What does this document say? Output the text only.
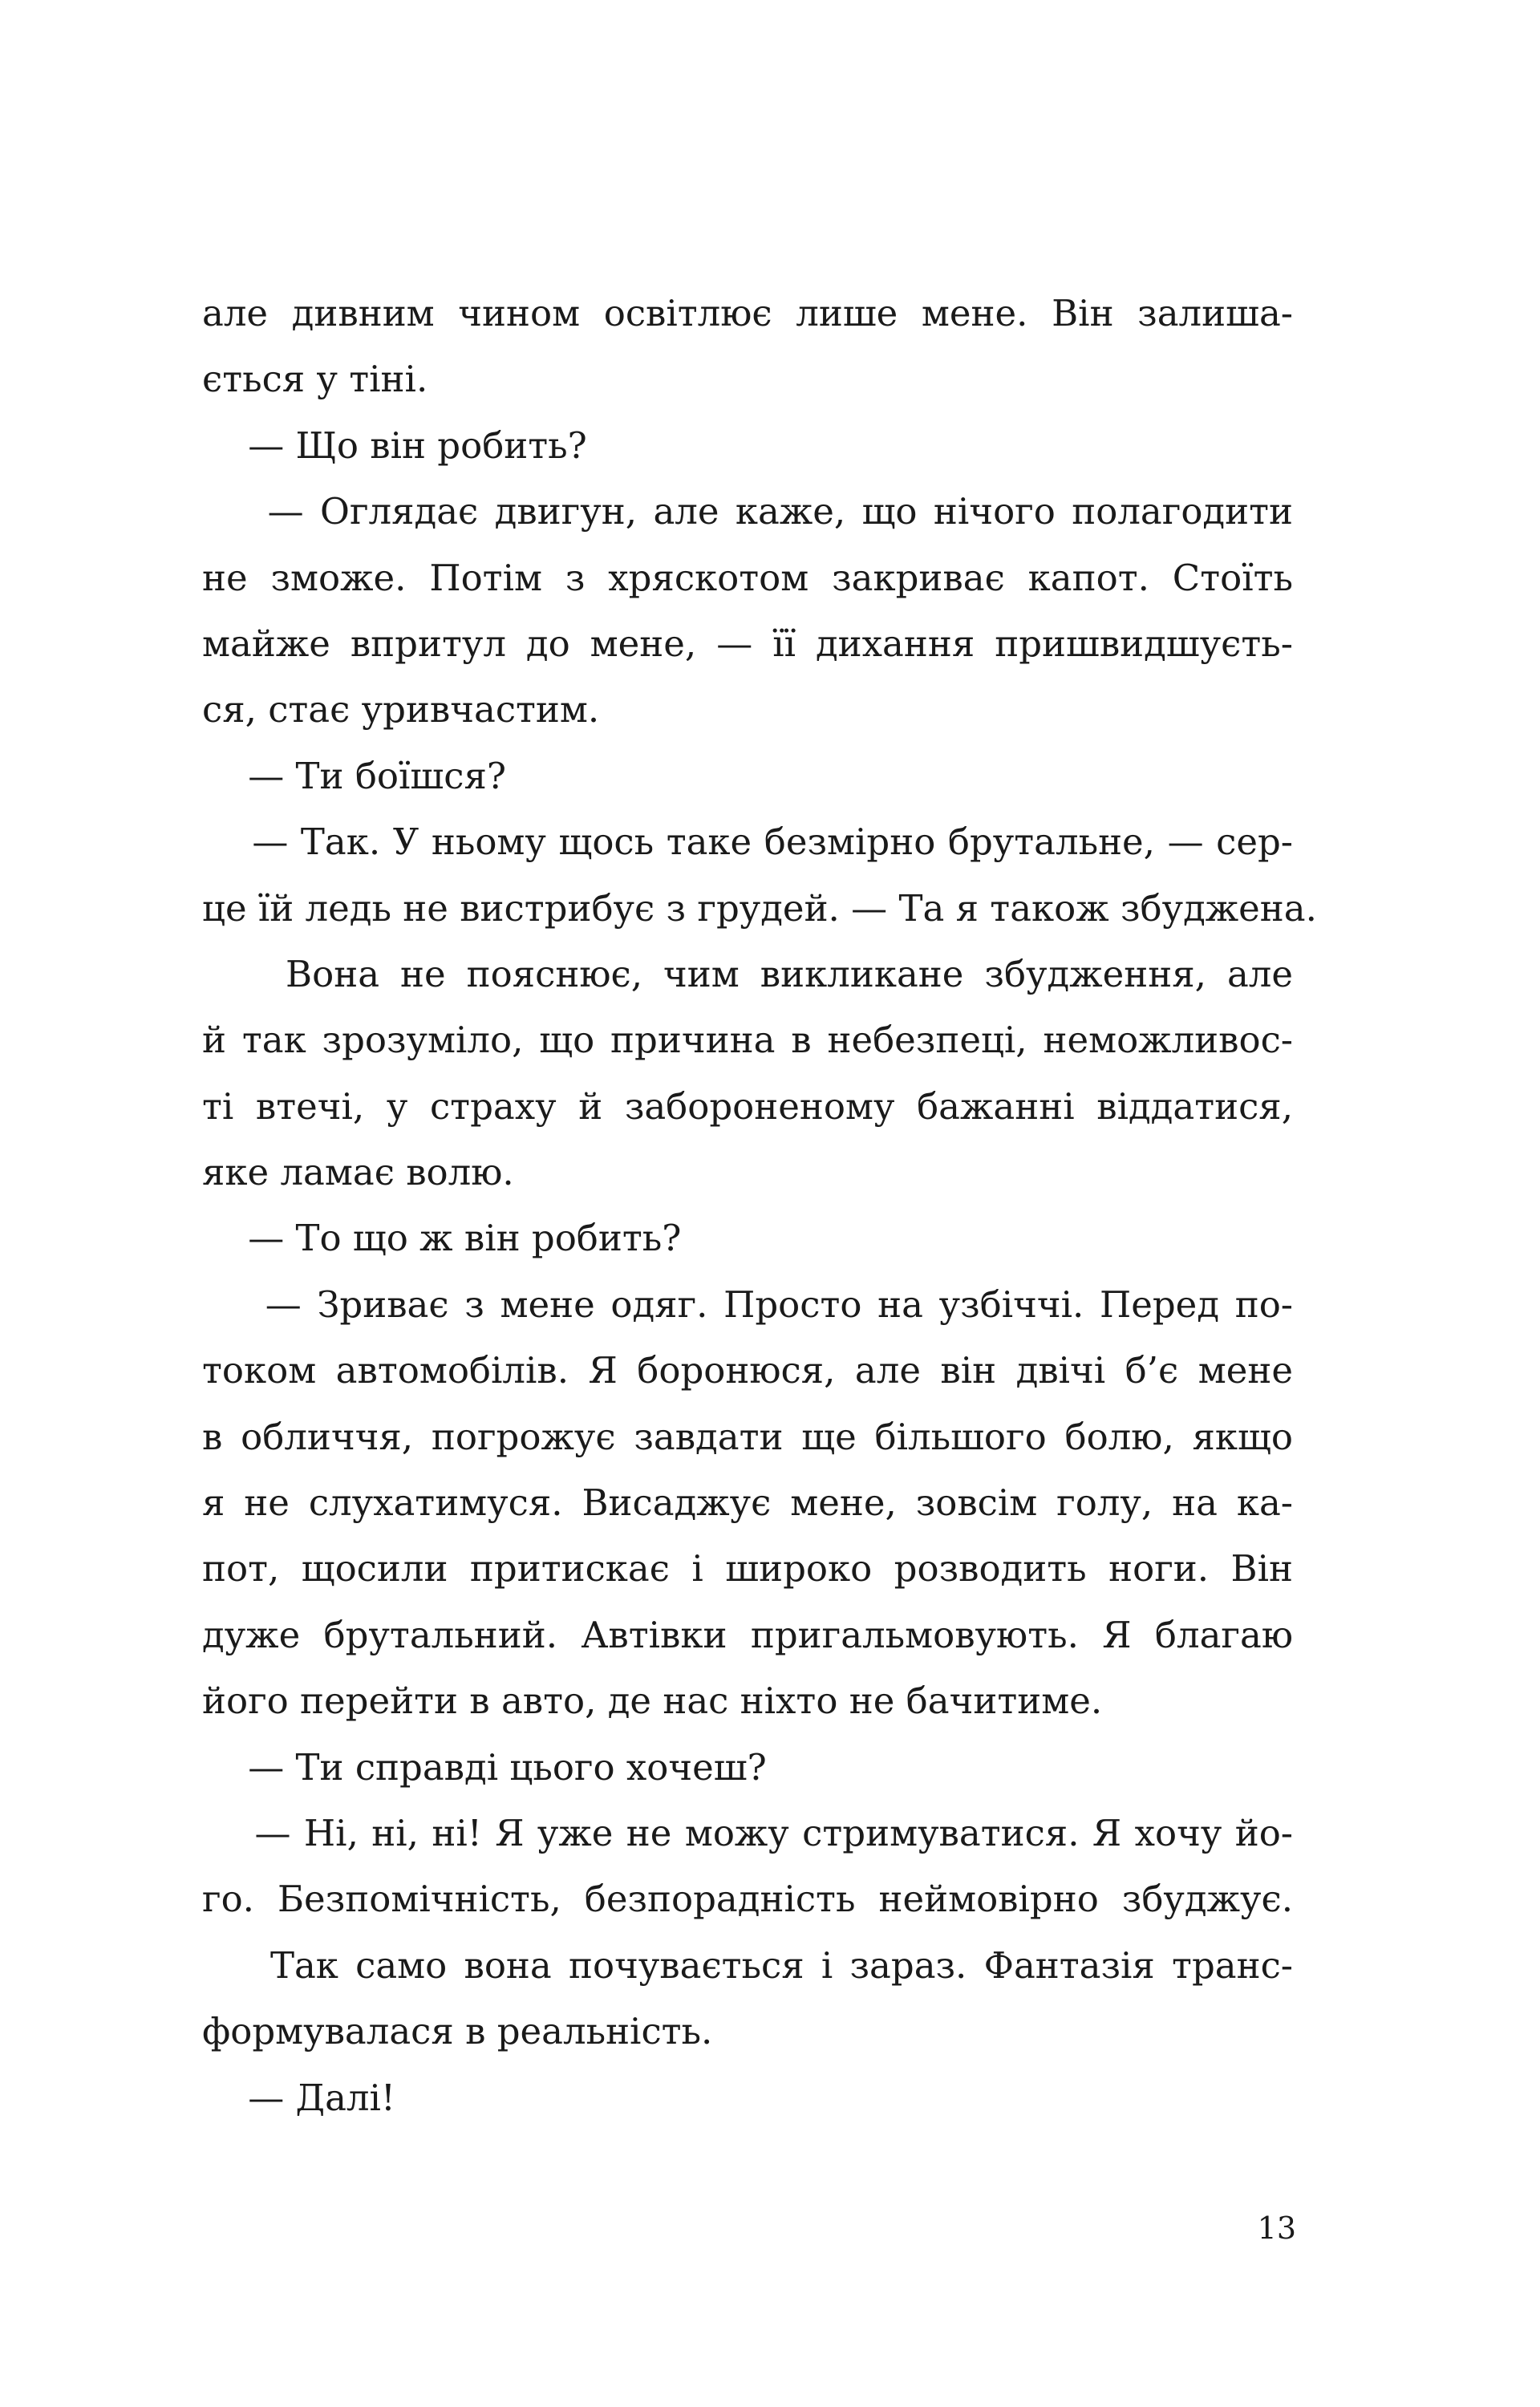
але дивним чином освітлює лише мене. Він залиша-
ється у тіні.
— Що він робить?
— Оглядає двигун, але каже, що нічого полагодити
не зможе. Потім з хряскотом закриває капот. Стоїть
майже впритул до мене, — її дихання пришвидшуєть-
ся, стає уривчастим.
— Ти боїшся?
— Так. У ньому щось таке безмірно брутальне, — сер-
це їй ледь не вистрибує з грудей. — Та я також збуджена.
Вона не пояснює, чим викликане збудження, але
й так зрозуміло, що причина в небезпеці, неможливос-
ті втечі, у страху й забороненому бажанні віддатися,
яке ламає волю.
— То що ж він робить?
— Зриває з мене одяг. Просто на узбіччі. Перед по-
током автомобілів. Я боронюся, але він двічі б’є мене
в обличчя, погрожує завдати ще більшого болю, якщо
я не слухатимуся. Висаджує мене, зовсім голу, на ка-
пот, щосили притискає і широко розводить ноги. Він
дуже брутальний. Автівки пригальмовують. Я благаю
його перейти в авто, де нас ніхто не бачитиме.
— Ти справді цього хочеш?
— Ні, ні, ні! Я уже не можу стримуватися. Я хочу йо-
го. Безпомічність, безпорадність неймовірно збуджує.
Так само вона почувається і зараз. Фантазія транс-
формувалася в реальність.
— Далі!
13
